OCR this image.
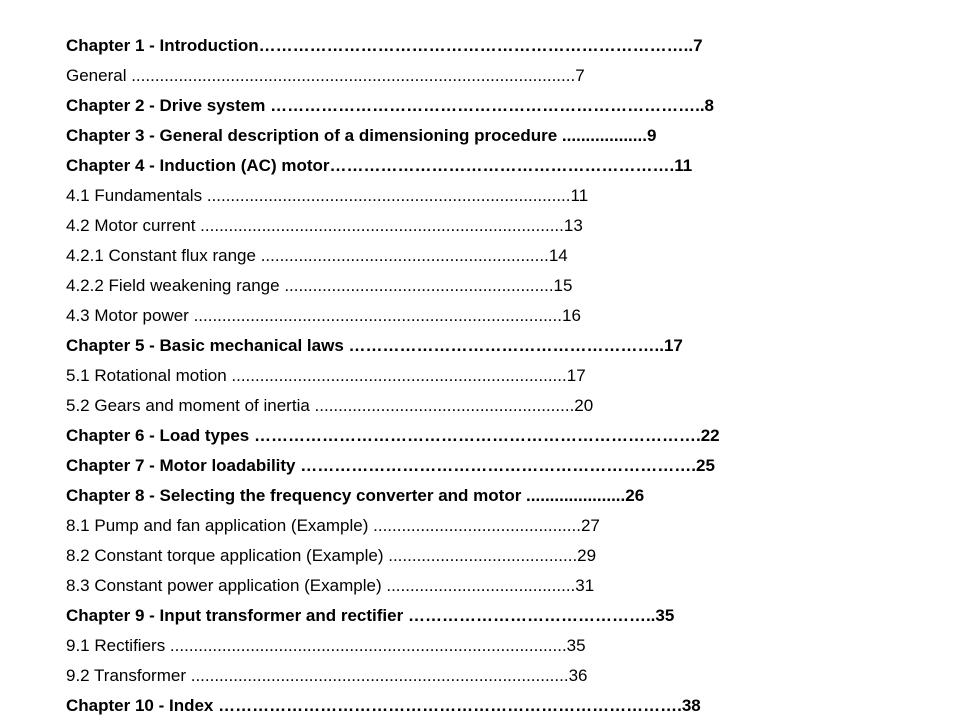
Chapter 1 - Introduction…………………………………………………………………..7
General ..............................................................................................7
Chapter 2 - Drive system …………………………………………………………………..8
Chapter 3 - General description of a dimensioning procedure ..................9
Chapter 4 - Induction (AC) motor…………………………………………………….11
4.1 Fundamentals .............................................................................11
4.2 Motor current .............................................................................13
4.2.1 Constant flux range .............................................................14
4.2.2 Field weakening range .........................................................15
4.3 Motor power ..............................................................................16
Chapter 5 - Basic mechanical laws ………………………………………………..17
5.1 Rotational motion .......................................................................17
5.2 Gears and moment of inertia .......................................................20
Chapter 6 - Load types …………………………………………………………………….22
Chapter 7 - Motor loadability …………………………………………………………….25
Chapter 8 - Selecting the frequency converter and motor .....................26
8.1 Pump and fan application (Example) ............................................27
8.2 Constant torque application (Example) ........................................29
8.3 Constant power application (Example) ........................................31
Chapter 9 - Input transformer and rectifier ……………………………………..35
9.1 Rectifiers ....................................................................................35
9.2 Transformer ................................................................................36
Chapter 10 - Index ……………………………………………………………………….38
